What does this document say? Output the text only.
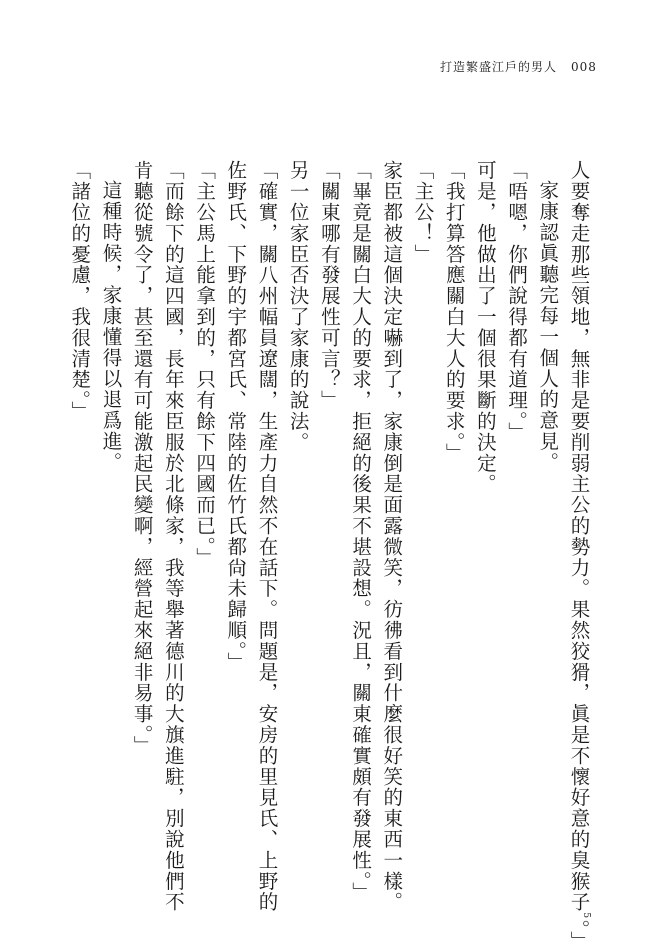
打造繁盛江戶的男人 008
人要奪走那些領地，無非是要削弱主公的勢力。果然狡猾，眞是不懷好意的臭猴子$^5$。」
家康認眞聽完每一個人的意見。
「唔嗯，你們說得都有道理。」
可是，他做出了一個很果斷的決定。
「我打算答應關白大人的要求。」
「主公！」
家臣都被這個決定嚇到了，家康倒是面露微笑，彷彿看到什麼很好笑的東西一樣。
「畢竟是關白大人的要求，拒絕的後果不堪設想。況且，關東確實頗有發展性。」
「關東哪有發展性可言？」
另一位家臣否決了家康的說法。
「確實，關八州幅員遼闊，生產力自然不在話下。問題是，安房的里見氏、上野的
佐野氏、下野的宇都宮氏、常陸的佐竹氏都尙未歸順。」
「主公馬上能拿到的，只有餘下四國而已。」
「而餘下的這四國，長年來臣服於北條家，我等舉著德川的大旗進駐，別說他們不
肯聽從號令了，甚至還有可能激起民變啊，經營起來絕非易事。」
這種時候，家康懂得以退爲進。
「諸位的憂慮，我很清楚。」
